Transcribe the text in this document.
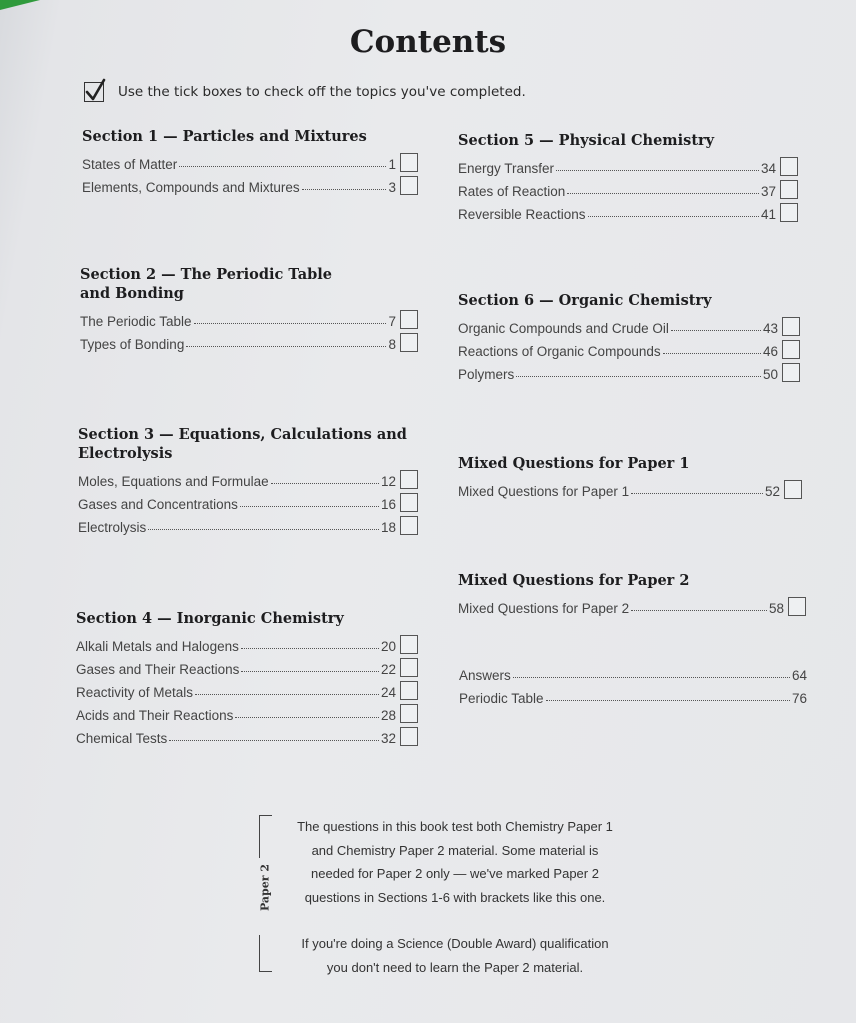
Contents
Use the tick boxes to check off the topics you've completed.
Section 1 — Particles and Mixtures
States of Matter	1
Elements, Compounds and Mixtures	3
Section 2 — The Periodic Table and Bonding
The Periodic Table	7
Types of Bonding	8
Section 3 — Equations, Calculations and Electrolysis
Moles, Equations and Formulae	12
Gases and Concentrations	16
Electrolysis	18
Section 4 — Inorganic Chemistry
Alkali Metals and Halogens	20
Gases and Their Reactions	22
Reactivity of Metals	24
Acids and Their Reactions	28
Chemical Tests	32
Section 5 — Physical Chemistry
Energy Transfer	34
Rates of Reaction	37
Reversible Reactions	41
Section 6 — Organic Chemistry
Organic Compounds and Crude Oil	43
Reactions of Organic Compounds	46
Polymers	50
Mixed Questions for Paper 1
Mixed Questions for Paper 1	52
Mixed Questions for Paper 2
Mixed Questions for Paper 2	58
Answers	64
Periodic Table	76
Paper 2
The questions in this book test both Chemistry Paper 1
and Chemistry Paper 2 material. Some material is
needed for Paper 2 only — we've marked Paper 2
questions in Sections 1-6 with brackets like this one.
If you're doing a Science (Double Award) qualification
you don't need to learn the Paper 2 material.
